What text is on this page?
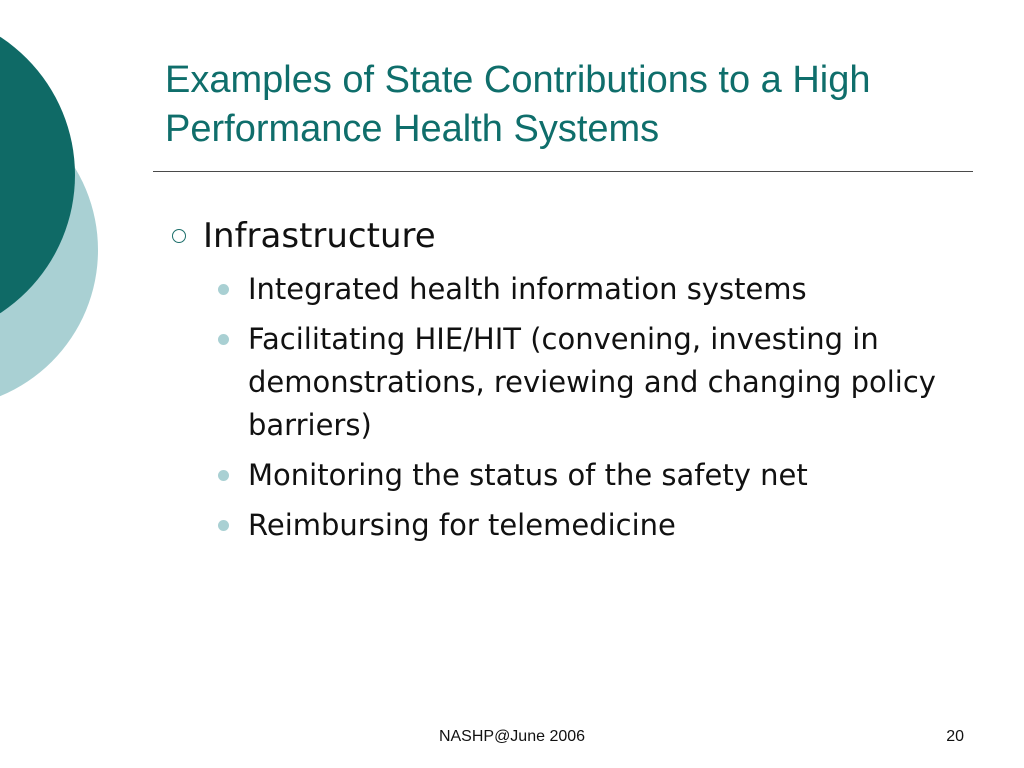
Examples of State Contributions to a High Performance Health Systems
Infrastructure
Integrated health information systems
Facilitating HIE/HIT (convening, investing in demonstrations, reviewing and changing policy barriers)
Monitoring the status of the safety net
Reimbursing for telemedicine
NASHP@June 2006	20
